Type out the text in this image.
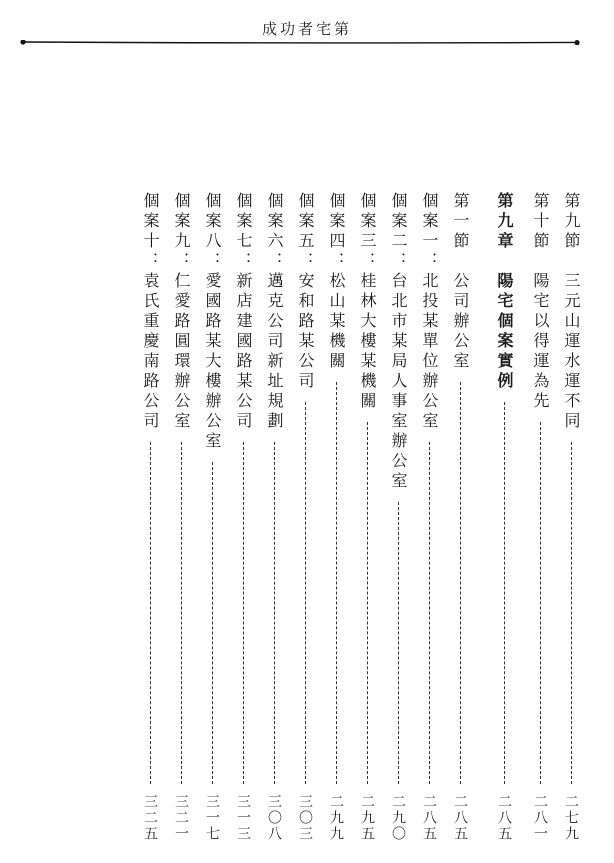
成功者宅第
第九節　三元山運水運不同
二七九
第十節　陽宅以得運為先
二八一
第九章　陽宅個案實例
二八五
第一節　公司辦公室
二八五
個案一：北投某單位辦公室
二八五
個案二：台北市某局人事室辦公室
二九〇
個案三：桂林大樓某機關
二九五
個案四：松山某機關
二九九
個案五：安和路某公司
三〇三
個案六：邁克公司新址規劃
三〇八
個案七：新店建國路某公司
三一三
個案八：愛國路某大樓辦公室
三一七
個案九：仁愛路圓環辦公室
三二一
個案十：袁氏重慶南路公司
三二五
